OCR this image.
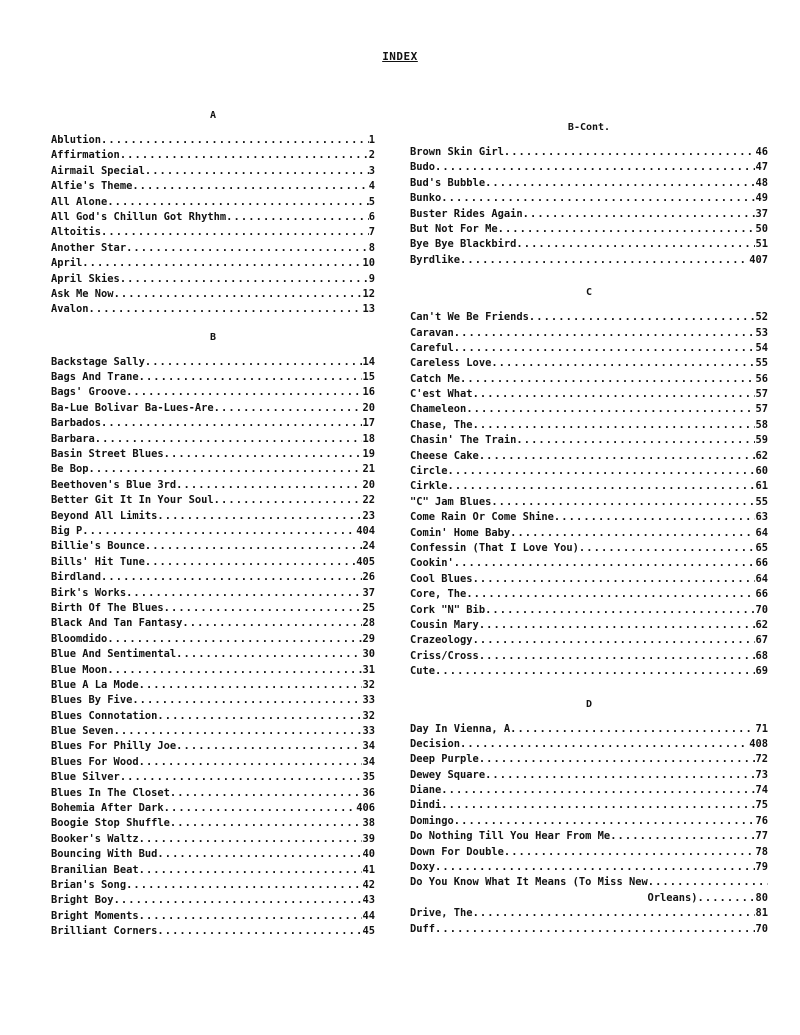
INDEX
A
Ablution .....	1
Affirmation .....	2
Airmail Special .....	3
Alfie's Theme .....	4
All Alone .....	5
All God's Chillun Got Rhythm .....	6
Altoitis .....	7
Another Star .....	8
April .....	10
April Skies .....	9
Ask Me Now .....	12
Avalon .....	13
B
Backstage Sally .....	14
Bags And Trane .....	15
Bags' Groove .....	16
Ba-Lue Bolivar Ba-Lues-Are .....	20
Barbados .....	17
Barbara .....	18
Basin Street Blues .....	19
Be Bop .....	21
Beethoven's Blue 3rd .....	20
Better Git It In Your Soul .....	22
Beyond All Limits .....	23
Big P .....	404
Billie's Bounce .....	24
Bills' Hit Tune .....	405
Birdland .....	26
Birk's Works .....	37
Birth Of The Blues .....	25
Black And Tan Fantasy .....	28
Bloomdido .....	29
Blue And Sentimental .....	30
Blue Moon .....	31
Blue A La Mode .....	32
Blues By Five .....	33
Blues Connotation .....	32
Blue Seven .....	33
Blues For Philly Joe .....	34
Blues For Wood .....	34
Blue Silver .....	35
Blues In The Closet .....	36
Bohemia After Dark .....	406
Boogie Stop Shuffle .....	38
Booker's Waltz .....	39
Bouncing With Bud .....	40
Branilian Beat .....	41
Brian's Song .....	42
Bright Boy .....	43
Bright Moments .....	44
Brilliant Corners .....	45
B-Cont.
Brown Skin Girl .....	46
Budo .....	47
Bud's Bubble .....	48
Bunko .....	49
Buster Rides Again .....	37
But Not For Me .....	50
Bye Bye Blackbird .....	51
Byrdlike .....	407
C
Can't We Be Friends .....	52
Caravan .....	53
Careful .....	54
Careless Love .....	55
Catch Me .....	56
C'est What .....	57
Chameleon .....	57
Chase, The .....	58
Chasin' The Train .....	59
Cheese Cake .....	62
Circle .....	60
Cirkle .....	61
"C" Jam Blues .....	55
Come Rain Or Come Shine .....	63
Comin' Home Baby .....	64
Confessin (That I Love You) .....	65
Cookin' .....	66
Cool Blues .....	64
Core, The .....	66
Cork "N" Bib .....	70
Cousin Mary .....	62
Crazeology .....	67
Criss/Cross .....	68
Cute .....	69
D
Day In Vienna, A .....	71
Decision .....	408
Deep Purple .....	72
Dewey Square .....	73
Diane .....	74
Dindi .....	75
Domingo .....	76
Do Nothing Till You Hear From Me .....	77
Down For Double .....	78
Doxy .....	79
Do You Know What It Means (To Miss New
.....
Orleans) .....	80
Drive, The .....	81
Duff .....	70
